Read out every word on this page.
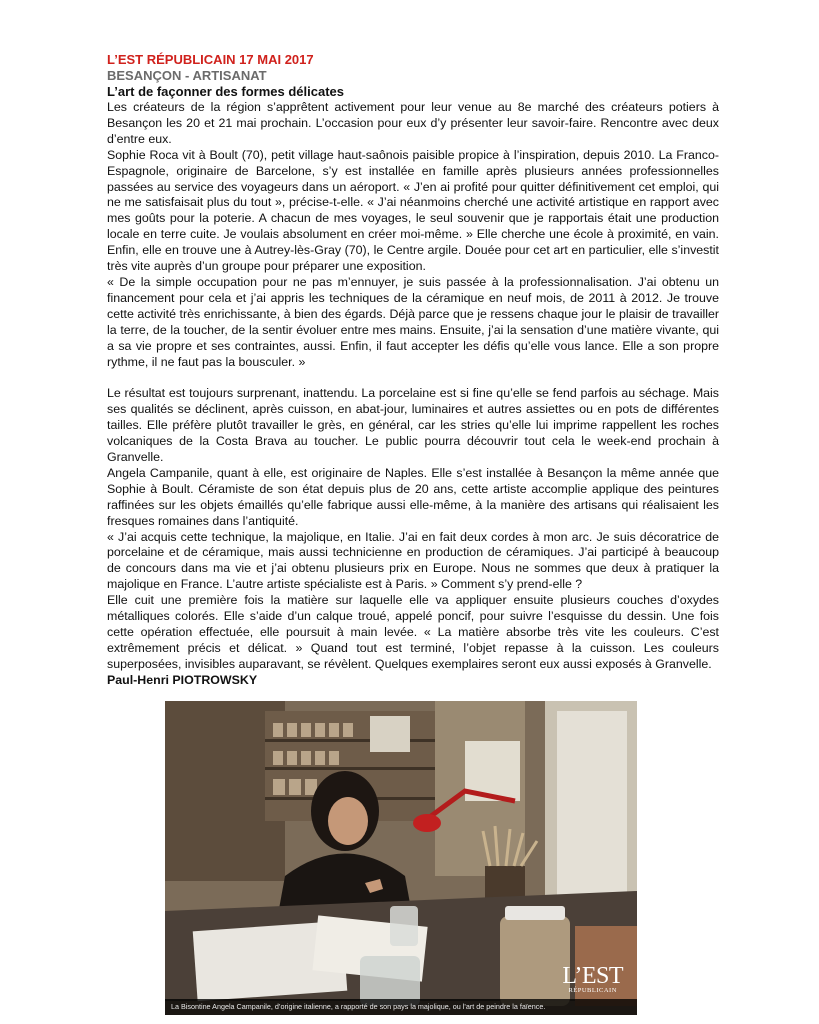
L’EST RÉPUBLICAIN 17 MAI 2017
BESANÇON - ARTISANAT
L’art de façonner des formes délicates

Les créateurs de la région s’apprêtent activement pour leur venue au 8e marché des créateurs potiers à Besançon les 20 et 21 mai prochain. L’occasion pour eux d’y présenter leur savoir-faire. Rencontre avec deux d’entre eux.

Sophie Roca vit à Boult (70), petit village haut-saônois paisible propice à l’inspiration, depuis 2010. La Franco-Espagnole, originaire de Barcelone, s’y est installée en famille après plusieurs années professionnelles passées au service des voyageurs dans un aéroport. « J’en ai profité pour quitter définitivement cet emploi, qui ne me satisfaisait plus du tout », précise-t-elle. « J’ai néanmoins cherché une activité artistique en rapport avec mes goûts pour la poterie. A chacun de mes voyages, le seul souvenir que je rapportais était une production locale en terre cuite. Je voulais absolument en créer moi-même. » Elle cherche une école à proximité, en vain. Enfin, elle en trouve une à Autrey-lès-Gray (70), le Centre argile. Douée pour cet art en particulier, elle s’investit très vite auprès d’un groupe pour préparer une exposition.

« De la simple occupation pour ne pas m’ennuyer, je suis passée à la professionnalisation. J’ai obtenu un financement pour cela et j’ai appris les techniques de la céramique en neuf mois, de 2011 à 2012. Je trouve cette activité très enrichissante, à bien des égards. Déjà parce que je ressens chaque jour le plaisir de travailler la terre, de la toucher, de la sentir évoluer entre mes mains. Ensuite, j’ai la sensation d’une matière vivante, qui a sa vie propre et ses contraintes, aussi. Enfin, il faut accepter les défis qu’elle vous lance. Elle a son propre rythme, il ne faut pas la bousculer. »

Le résultat est toujours surprenant, inattendu. La porcelaine est si fine qu’elle se fend parfois au séchage. Mais ses qualités se déclinent, après cuisson, en abat-jour, luminaires et autres assiettes ou en pots de différentes tailles. Elle préfère plutôt travailler le grès, en général, car les stries qu’elle lui imprime rappellent les roches volcaniques de la Costa Brava au toucher. Le public pourra découvrir tout cela le week-end prochain à Granvelle.

Angela Campanile, quant à elle, est originaire de Naples. Elle s’est installée à Besançon la même année que Sophie à Boult. Céramiste de son état depuis plus de 20 ans, cette artiste accomplie applique des peintures raffinées sur les objets émaillés qu’elle fabrique aussi elle-même, à la manière des artisans qui réalisaient les fresques romaines dans l’antiquité.

« J’ai acquis cette technique, la majolique, en Italie. J’ai en fait deux cordes à mon arc. Je suis décoratrice de porcelaine et de céramique, mais aussi technicienne en production de céramiques. J’ai participé à beaucoup de concours dans ma vie et j’ai obtenu plusieurs prix en Europe. Nous ne sommes que deux à pratiquer la majolique en France. L’autre artiste spécialiste est à Paris. » Comment s’y prend-elle ?

Elle cuit une première fois la matière sur laquelle elle va appliquer ensuite plusieurs couches d’oxydes métalliques colorés. Elle s’aide d’un calque troué, appelé poncif, pour suivre l’esquisse du dessin. Une fois cette opération effectuée, elle poursuit à main levée. « La matière absorbe très vite les couleurs. C’est extrêmement précis et délicat. » Quand tout est terminé, l’objet repasse à la cuisson. Les couleurs superposées, invisibles auparavant, se révèlent. Quelques exemplaires seront eux aussi exposés à Granvelle.

Paul-Henri PIOTROWSKY
L’EST
RÉPUBLICAIN
La Bisontine Angela Campanile, d’origine italienne, a rapporté de son pays la majolique, ou l’art de peindre la faïence.
